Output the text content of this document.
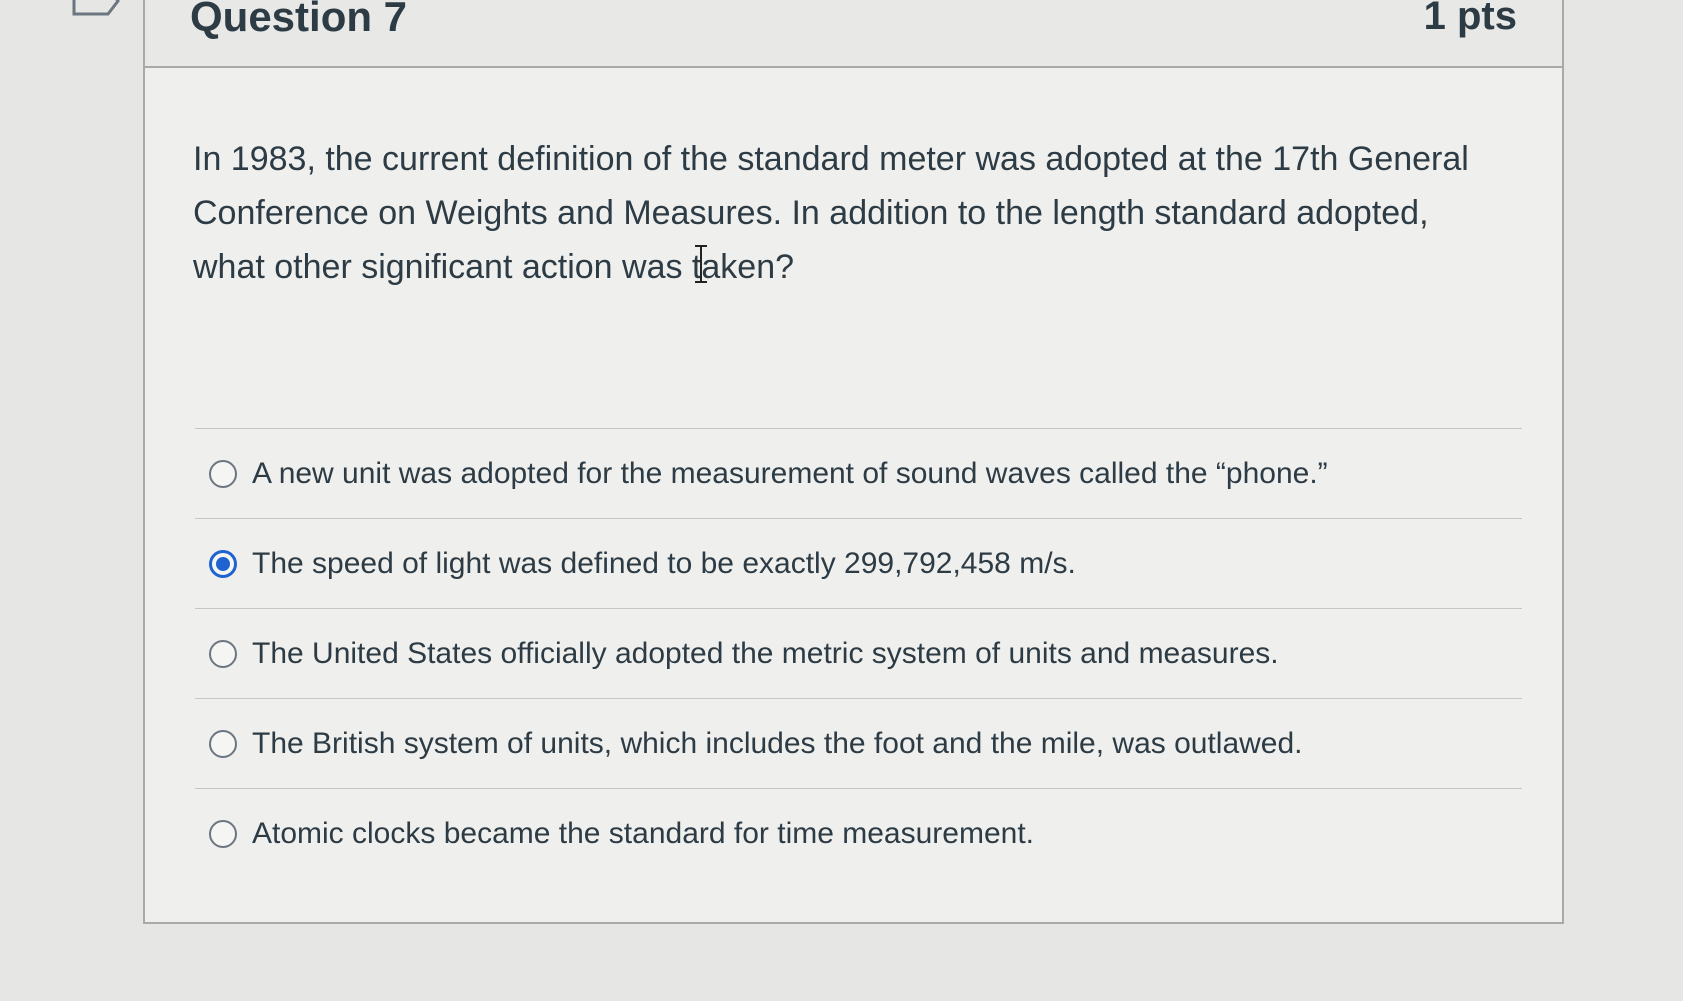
Question 7	1 pts
In 1983, the current definition of the standard meter was adopted at the 17th General Conference on Weights and Measures. In addition to the length standard adopted, what other significant action was taken?
A new unit was adopted for the measurement of sound waves called the “phone.”
The speed of light was defined to be exactly 299,792,458 m/s.
The United States officially adopted the metric system of units and measures.
The British system of units, which includes the foot and the mile, was outlawed.
Atomic clocks became the standard for time measurement.
